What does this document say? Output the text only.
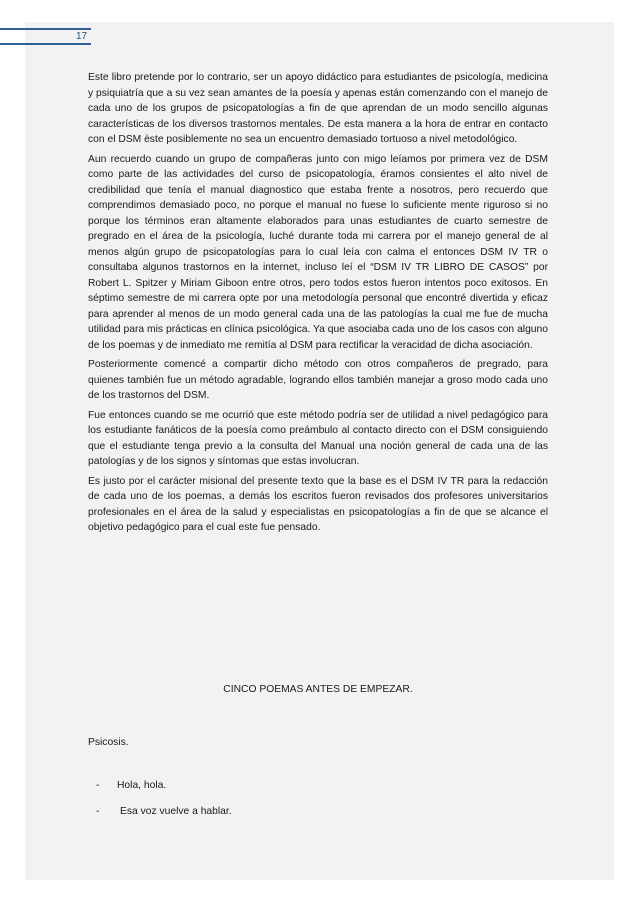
17

Este libro pretende por lo contrario, ser un apoyo didáctico para estudiantes de psicología, medicina y psiquiatría que a su vez sean amantes de la poesía y apenas están comenzando con el manejo de cada uno de los grupos de psicopatologías a fin de que aprendan de un modo sencillo algunas características de los diversos trastornos mentales. De esta manera a la hora de entrar en contacto con el DSM èste posiblemente no sea un encuentro demasiado tortuoso a nivel metodológico.

Aun recuerdo cuando un grupo de compañeras junto con migo leíamos por primera vez de DSM como parte de las actividades del curso de psicopatología, éramos consientes el alto nivel de credibilidad que tenía el manual diagnostico que estaba frente a nosotros, pero recuerdo que comprendimos demasiado poco, no porque el manual no fuese lo suficiente mente riguroso si no porque los términos eran altamente elaborados para unas estudiantes de cuarto semestre de pregrado en el área de la psicología, luché durante toda mi carrera por el manejo general de al menos algún grupo de psicopatologías para lo cual leía con calma el entonces DSM IV TR o consultaba algunos trastornos en la internet, incluso leí el “DSM IV TR LIBRO DE CASOS” por Robert L. Spitzer y Miriam Giboon entre otros, pero todos estos fueron intentos poco exitosos. En séptimo semestre de mi carrera opte por una metodología personal que encontré divertida y eficaz para aprender al menos de un modo general cada una de las patologías la cual me fue de mucha utilidad para mis prácticas en clínica psicológica. Ya que asociaba cada uno de los casos con alguno de los poemas y de inmediato me remitía al DSM para rectificar la veracidad de dicha asociación.

Posteriormente comencé a compartir dicho método con otros compañeros de pregrado, para quienes también fue un método agradable, logrando ellos también manejar a groso modo cada uno de los trastornos del DSM.

Fue entonces cuando se me ocurrió que este método podría ser de utilidad a nivel pedagógico para los estudiante fanáticos de la poesía como preámbulo al contacto directo con el DSM consiguiendo que el estudiante tenga previo a la consulta del Manual una noción general de cada una de las patologías y de los signos y síntomas que estas involucran.

Es justo por el carácter misional del presente texto que la base es el DSM IV TR para la redacción de cada uno de los poemas, a demás los escritos fueron revisados dos profesores universitarios profesionales en el área de la salud y especialistas en psicopatologías a fin de que se alcance el objetivo pedagógico para el cual este fue pensado.

CINCO POEMAS ANTES DE EMPEZAR.
Psicosis.
- Hola, hola.
- Esa voz vuelve a hablar.
